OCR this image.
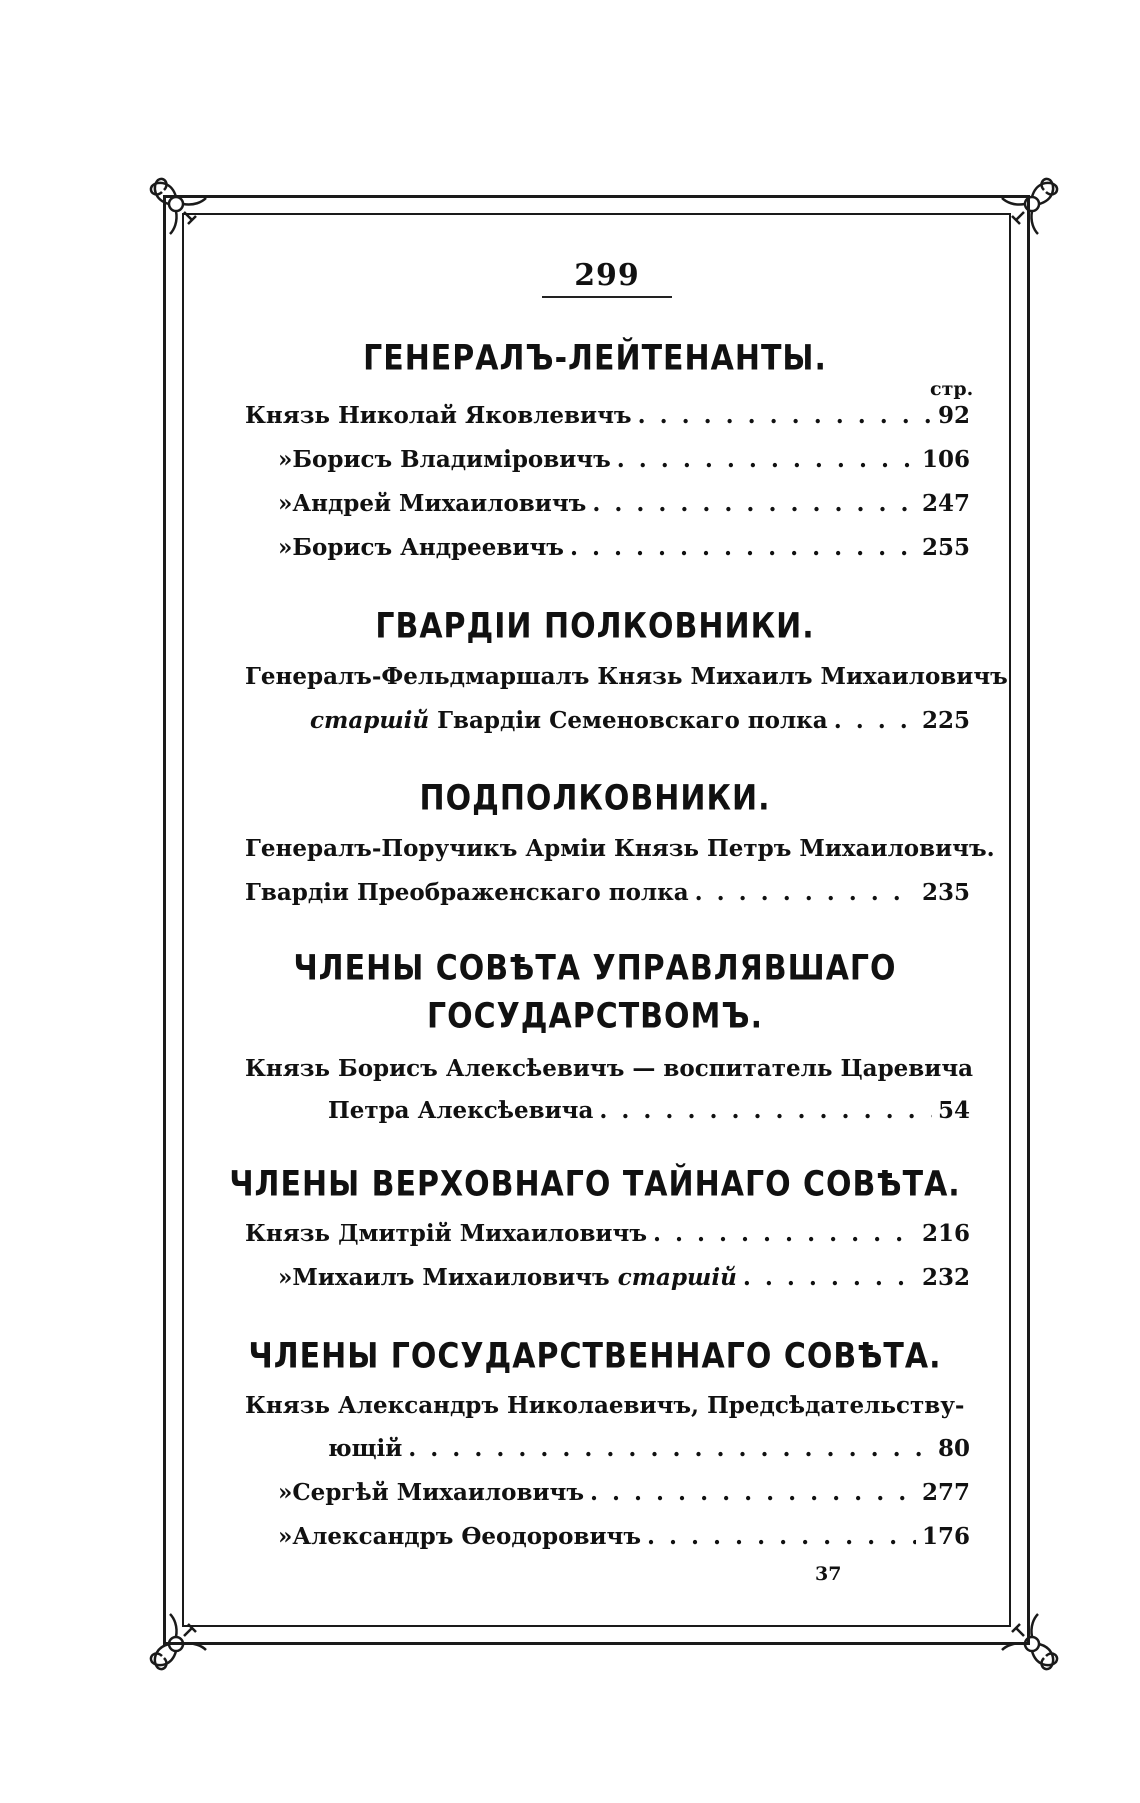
299
ГЕНЕРАЛЪ-ЛЕЙТЕНАНТЫ.
стр.
Князь
Николай Яковлевичъ . . .	92
» Борисъ Владиміровичъ . . .	106
» Андрей Михаиловичъ . . .	247
» Борисъ Андреевичъ . . .	255
ГВАРДІИ ПОЛКОВНИКИ.
Генералъ-Фельдмаршалъ Князь Михаилъ Михаиловичъ
старшій
Гвардіи Семеновскаго полка . . .	225
ПОДПОЛКОВНИКИ.
Генералъ-Поручикъ Арміи Князь Петръ Михаиловичъ.
Гвардіи Преображенскаго полка . . .	235
ЧЛЕНЫ СОВѢТА УПРАВЛЯВШАГО
ГОСУДАРСТВОМЪ.
Князь Борисъ Алексѣевичъ — воспитатель Царевича
Петра Алексѣевича . . .	54
ЧЛЕНЫ ВЕРХОВНАГО ТАЙНАГО СОВѢТА.
Князь
Дмитрій Михаиловичъ . . .	216
» Михаилъ Михаиловичъ
старшій . . .	232
ЧЛЕНЫ ГОСУДАРСТВЕННАГО СОВѢТА.
Князь Александръ Николаевичъ, Предсѣдательству-
ющій . . .	80
» Сергѣй Михаиловичъ . . .	277
» Александръ Ѳеодоровичъ . . .	176
37
